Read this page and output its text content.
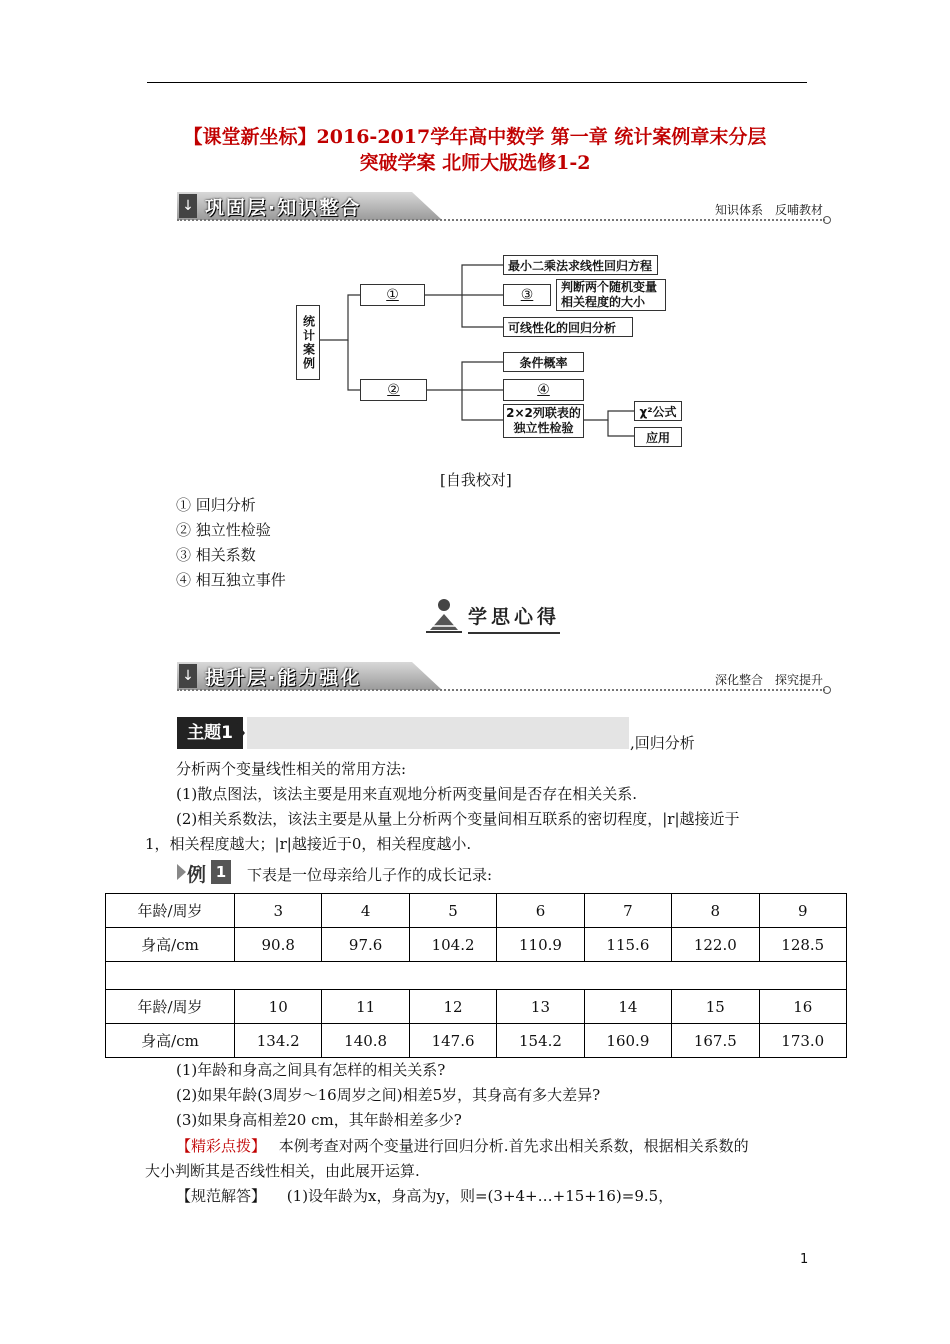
【课堂新坐标】2016-2017学年高中数学 第一章 统计案例章末分层
突破学案 北师大版选修1-2
↓ 巩固层·知识整合	知识体系　反哺教材
统计案例
①
②
最小二乘法求线性回归方程
③ 判断两个随机变量
相关程度的大小
可线性化的回归分析
条件概率
④
2×2列联表的
独立性检验
χ²公式
应用
[自我校对]
① 回归分析
② 独立性检验
③ 相关系数
④ 相互独立事件
学思心得
↓ 提升层·能力强化	深化整合　探究提升
主题1	,回归分析
分析两个变量线性相关的常用方法:
(1)散点图法，该法主要是用来直观地分析两变量间是否存在相关关系.
(2)相关系数法，该法主要是从量上分析两个变量间相互联系的密切程度，|r|越接近于
1，相关程度越大；|r|越接近于0，相关程度越小.
例 1	下表是一位母亲给儿子作的成长记录:
年龄/周岁	3	4	5	6	7	8	9
身高/cm	90.8	97.6	104.2	110.9	115.6	122.0	128.5

年龄/周岁	10	11	12	13	14	15	16
身高/cm	134.2	140.8	147.6	154.2	160.9	167.5	173.0
(1)年龄和身高之间具有怎样的相关关系?
(2)如果年龄(3周岁～16周岁之间)相差5岁，其身高有多大差异?
(3)如果身高相差20 cm，其年龄相差多少?
【精彩点拨】 本例考查对两个变量进行回归分析.首先求出相关系数，根据相关系数的
大小判断其是否线性相关，由此展开运算.
【规范解答】 (1)设年龄为x，身高为y，则=(3+4+…+15+16)=9.5，
1
